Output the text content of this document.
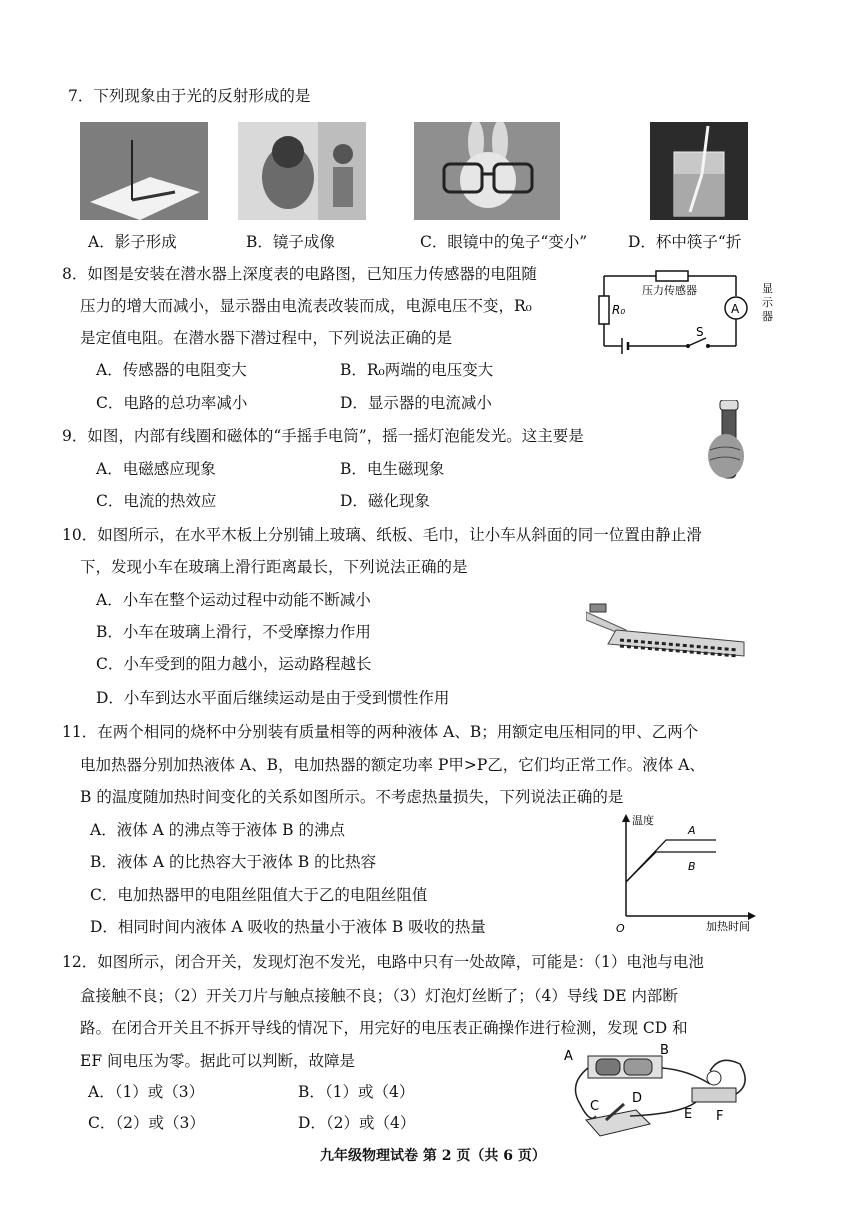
7．下列现象由于光的反射形成的是
A．影子形成	B．镜子成像	C．眼镜中的兔子“变小”	D．杯中筷子“折
8．如图是安装在潜水器上深度表的电路图，已知压力传感器的电阻随
压力的增大而减小，显示器由电流表改装而成，电源电压不变，R₀
是定值电阻。在潜水器下潜过程中，下列说法正确的是
压力传感器
R₀
S
A
显
示
器
A．传感器的电阻变大	B．R₀两端的电压变大
C．电路的总功率减小	D．显示器的电流减小
9．如图，内部有线圈和磁体的“手摇手电筒”，摇一摇灯泡能发光。这主要是
A．电磁感应现象	B．电生磁现象
C．电流的热效应	D．磁化现象
10．如图所示，在水平木板上分别铺上玻璃、纸板、毛巾，让小车从斜面的同一位置由静止滑
下，发现小车在玻璃上滑行距离最长，下列说法正确的是
A．小车在整个运动过程中动能不断减小
B．小车在玻璃上滑行，不受摩擦力作用
C．小车受到的阻力越小，运动路程越长
D．小车到达水平面后继续运动是由于受到惯性作用
11．在两个相同的烧杯中分别装有质量相等的两种液体 A、B；用额定电压相同的甲、乙两个
电加热器分别加热液体 A、B，电加热器的额定功率 P甲>P乙，它们均正常工作。液体 A、
B 的温度随加热时间变化的关系如图所示。不考虑热量损失，下列说法正确的是
A．液体 A 的沸点等于液体 B 的沸点
B．液体 A 的比热容大于液体 B 的比热容
C．电加热器甲的电阻丝阻值大于乙的电阻丝阻值
D．相同时间内液体 A 吸收的热量小于液体 B 吸收的热量
温度
加热时间
O
A
B
12．如图所示，闭合开关，发现灯泡不发光，电路中只有一处故障，可能是：（1）电池与电池
盒接触不良；（2）开关刀片与触点接触不良；（3）灯泡灯丝断了；（4）导线 DE 内部断
路。在闭合开关且不拆开导线的情况下，用完好的电压表正确操作进行检测，发现 CD 和
EF 间电压为零。据此可以判断，故障是
A．（1）或（3）	B．（1）或（4）
C．（2）或（3）	D．（2）或（4）
A	B
C
D
E F
九年级物理试卷 第 2 页（共 6 页）
